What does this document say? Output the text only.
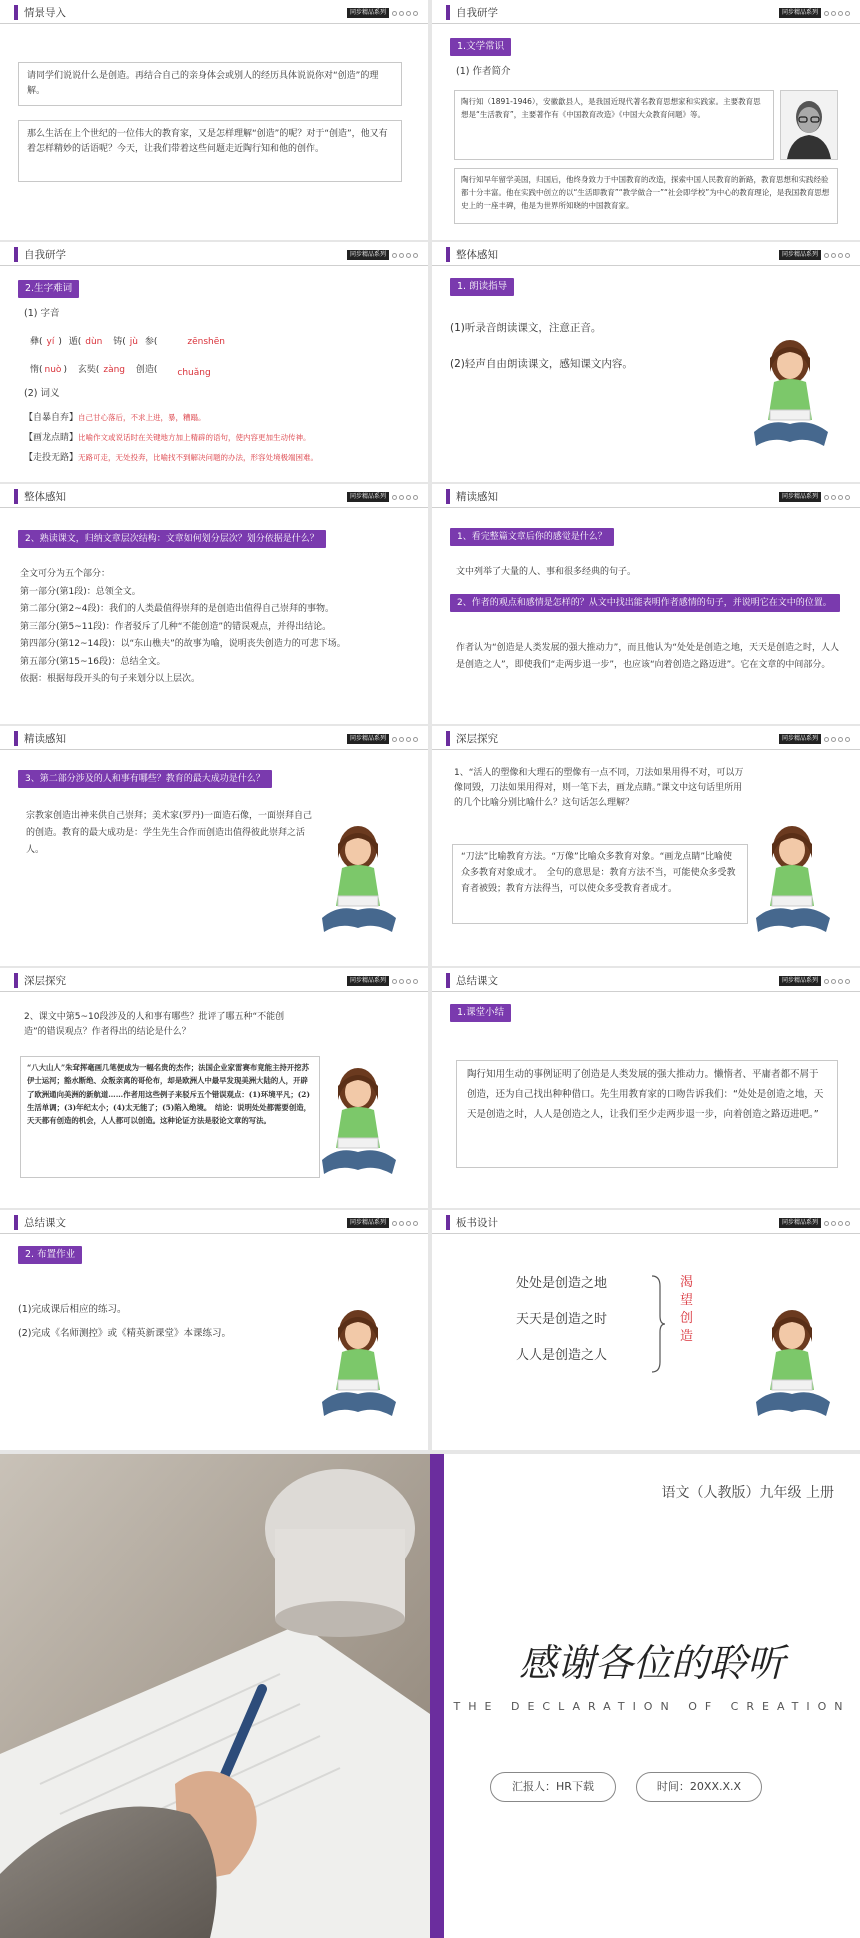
情景导入	同步精品系列
请同学们说说什么是创造。再结合自己的亲身体会或别人的经历具体说说你对“创造”的理解。
那么生活在上个世纪的一位伟大的教育家，又是怎样理解“创造”的呢？对于“创造”，他又有着怎样精妙的话语呢？今天，让我们带着这些问题走近陶行知和他的创作。
自我研学	同步精品系列
1.文学常识
(1) 作者简介
陶行知（1891-1946），安徽歙县人，是我国近现代著名教育思想家和实践家。主要教育思想是“生活教育”，主要著作有《中国教育改造》《中国大众教育问题》等。
陶行知早年留学美国，归国后，他终身致力于中国教育的改造，探索中国人民教育的新路，教育思想和实践经验都十分丰富。他在实践中创立的以“生活即教育”“教学做合一”“社会即学校”为中心的教育理论，是我国教育思想史上的一座丰碑，他是为世界所知晓的中国教育家。
自我研学	同步精品系列
2.生字难词
(1) 字音
彝( yí ) 遁( dùn 铸( jù 参(	zēnshēn
惰( nuò ) 玄奘( zàng 创造( chuǎng
(2) 词义
【自暴自弃】自己甘心落后，不求上进，暴，糟蹋。
【画龙点睛】比喻作文或说话时在关键地方加上精辟的语句，使内容更加生动传神。
【走投无路】无路可走，无处投奔，比喻找不到解决问题的办法，形容处境极端困难。
整体感知	同步精品系列
1. 朗读指导
(1)听录音朗读课文，注意正音。
(2)轻声自由朗读课文，感知课文内容。
整体感知	同步精品系列
2、熟读课文，归纳文章层次结构：文章如何划分层次？划分依据是什么？
全文可分为五个部分：
第一部分(第1段)：总领全文。
第二部分(第2~4段)：我们的人类最值得崇拜的是创造出值得自己崇拜的事物。
第三部分(第5~11段)：作者驳斥了几种“不能创造”的错误观点，并得出结论。
第四部分(第12~14段)：以“东山樵夫”的故事为喻，说明丧失创造力的可悲下场。
第五部分(第15~16段)：总结全文。
依据：根据每段开头的句子来划分以上层次。
精读感知	同步精品系列
1、看完整篇文章后你的感觉是什么？
文中列举了大量的人、事和很多经典的句子。
2、作者的观点和感情是怎样的？从文中找出能表明作者感情的句子，并说明它在文中的位置。
作者认为“创造是人类发展的强大推动力”，而且他认为“处处是创造之地，天天是创造之时，人人是创造之人”，即使我们“走两步退一步”，也应该“向着创造之路迈进”。它在文章的中间部分。
精读感知	同步精品系列
3、第二部分涉及的人和事有哪些？教育的最大成功是什么？
宗教家创造出神来供自己崇拜；美术家(罗丹)一面造石像，一面崇拜自己的创造。教育的最大成功是：学生先生合作而创造出值得彼此崇拜之活人。
深层探究	同步精品系列
1、“活人的塑像和大理石的塑像有一点不同，刀法如果用得不对，可以万像同毁，刀法如果用得对，则一笔下去，画龙点睛。”课文中这句话里所用的几个比喻分别比喻什么？这句话怎么理解？
“刀法”比喻教育方法。“万像”比喻众多教育对象。“画龙点睛”比喻使众多教育对象成才。　全句的意思是：教育方法不当，可能使众多受教育者被毁；教育方法得当，可以使众多受教育者成才。
深层探究	同步精品系列
2、课文中第5~10段涉及的人和事有哪些？批评了哪五种“不能创造”的错误观点？作者得出的结论是什么？
“八大山人”朱耷挥毫画几笔便成为一幅名贵的杰作；法国企业家雷赛布竟能主持开挖苏伊士运河；豁水断绝、众叛亲离的哥伦布，却是欧洲人中最早发现美洲大陆的人，开辟了欧洲通向美洲的新航道……作者用这些例子来驳斥五个错误观点：(1)环境平凡；(2)生活单调；(3)年纪太小；(4)太无能了；(5)陷入绝境。　结论：说明处处都需要创造，天天都有创造的机会，人人都可以创造。这种论证方法是驳论文章的写法。
总结课文	同步精品系列
1.课堂小结
陶行知用生动的事例证明了创造是人类发展的强大推动力。懒惰者、平庸者都不屑于创造，还为自己找出种种借口。先生用教育家的口吻告诉我们：“处处是创造之地，天天是创造之时，人人是创造之人，让我们至少走两步退一步，向着创造之路迈进吧。”
总结课文	同步精品系列
2. 布置作业
(1)完成课后相应的练习。
(2)完成《名师测控》或《精英新课堂》本课练习。
板书设计	同步精品系列
处处是创造之地
天天是创造之时
人人是创造之人
渴
望
创
造
语文（人教版）九年级 上册
感谢各位的聆听
THE DECLARATION OF CREATION
汇报人：HR下载	时间：20XX.X.X
